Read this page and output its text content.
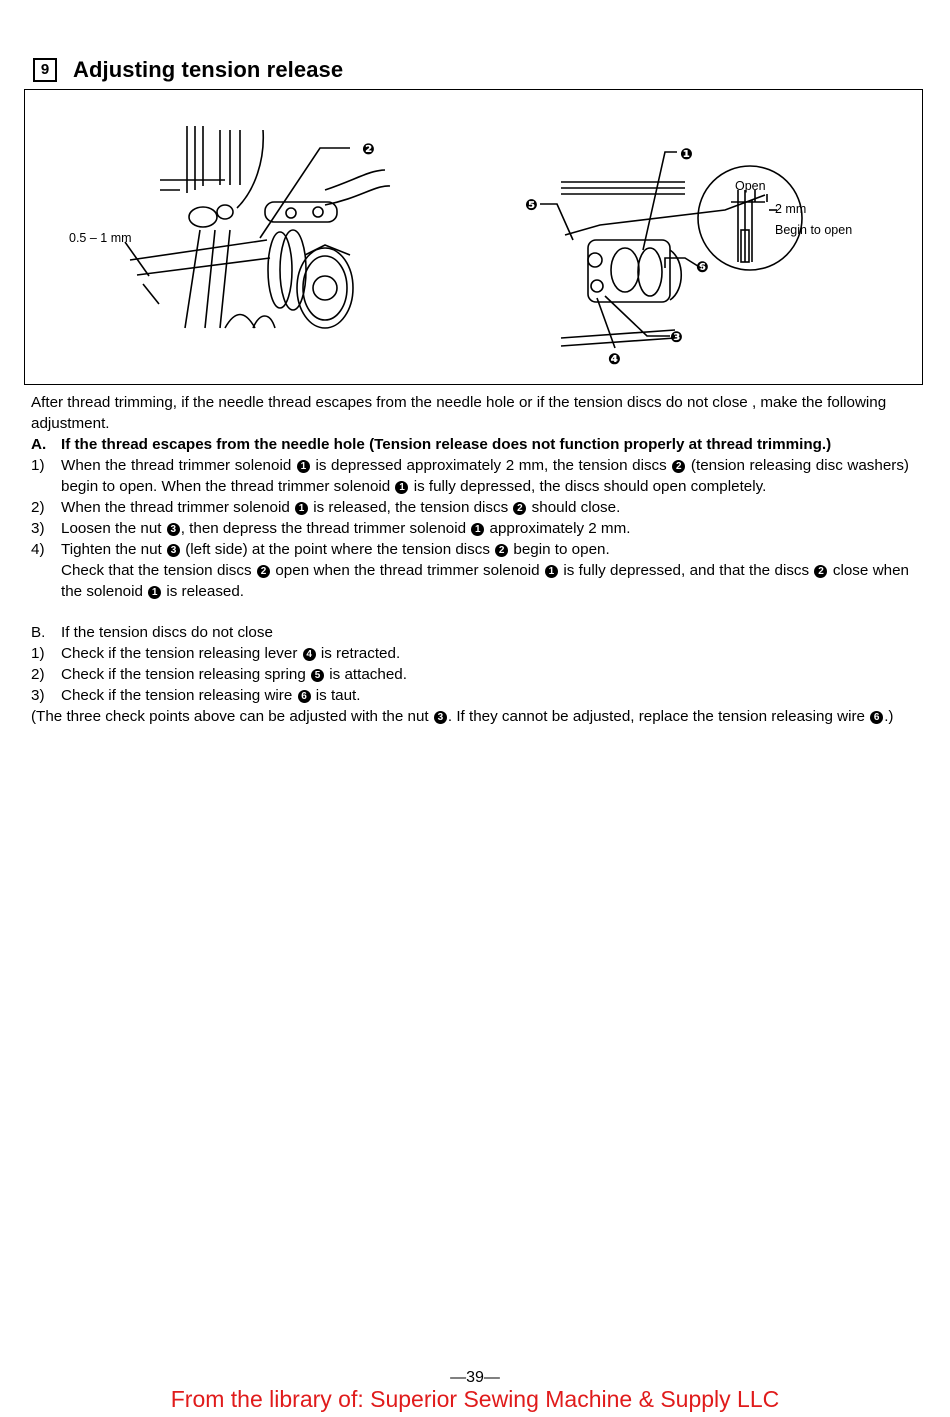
9	Adjusting tension release
❷	❶
❺
❻
❸
❹
0.5 – 1 mm
Open
2 mm
Begin to open

After thread trimming, if the needle thread escapes from the needle hole or if the tension discs do not close , make the following adjustment.

A. If the thread escapes from the needle hole (Tension release does not function properly at thread trimming.)
1)	When the thread trimmer solenoid 1 is depressed approximately 2 mm, the tension discs 2 (tension releasing disc washers) begin to open. When the thread trimmer solenoid 1 is fully depressed, the discs should open completely.
2)	When the thread trimmer solenoid 1 is released, the tension discs 2 should close.
3)	Loosen the nut 3 , then depress the thread trimmer solenoid 1 approximately 2 mm.
4)	Tighten the nut 3 (left side) at the point where the tension discs 2 begin to open.
Check that the tension discs 2 open when the thread trimmer solenoid 1 is fully depressed, and that the discs 2 close when the solenoid 1 is released.
B.	If the tension discs do not close
1)	Check if the tension releasing lever 4 is retracted.
2)	Check if the tension releasing spring 5 is attached.
3)	Check if the tension releasing wire 6 is taut.

(The three check points above can be adjusted with the nut 3 . If they cannot be adjusted, replace the tension releasing wire 6 .)

—39—
From the library of: Superior Sewing Machine & Supply LLC
